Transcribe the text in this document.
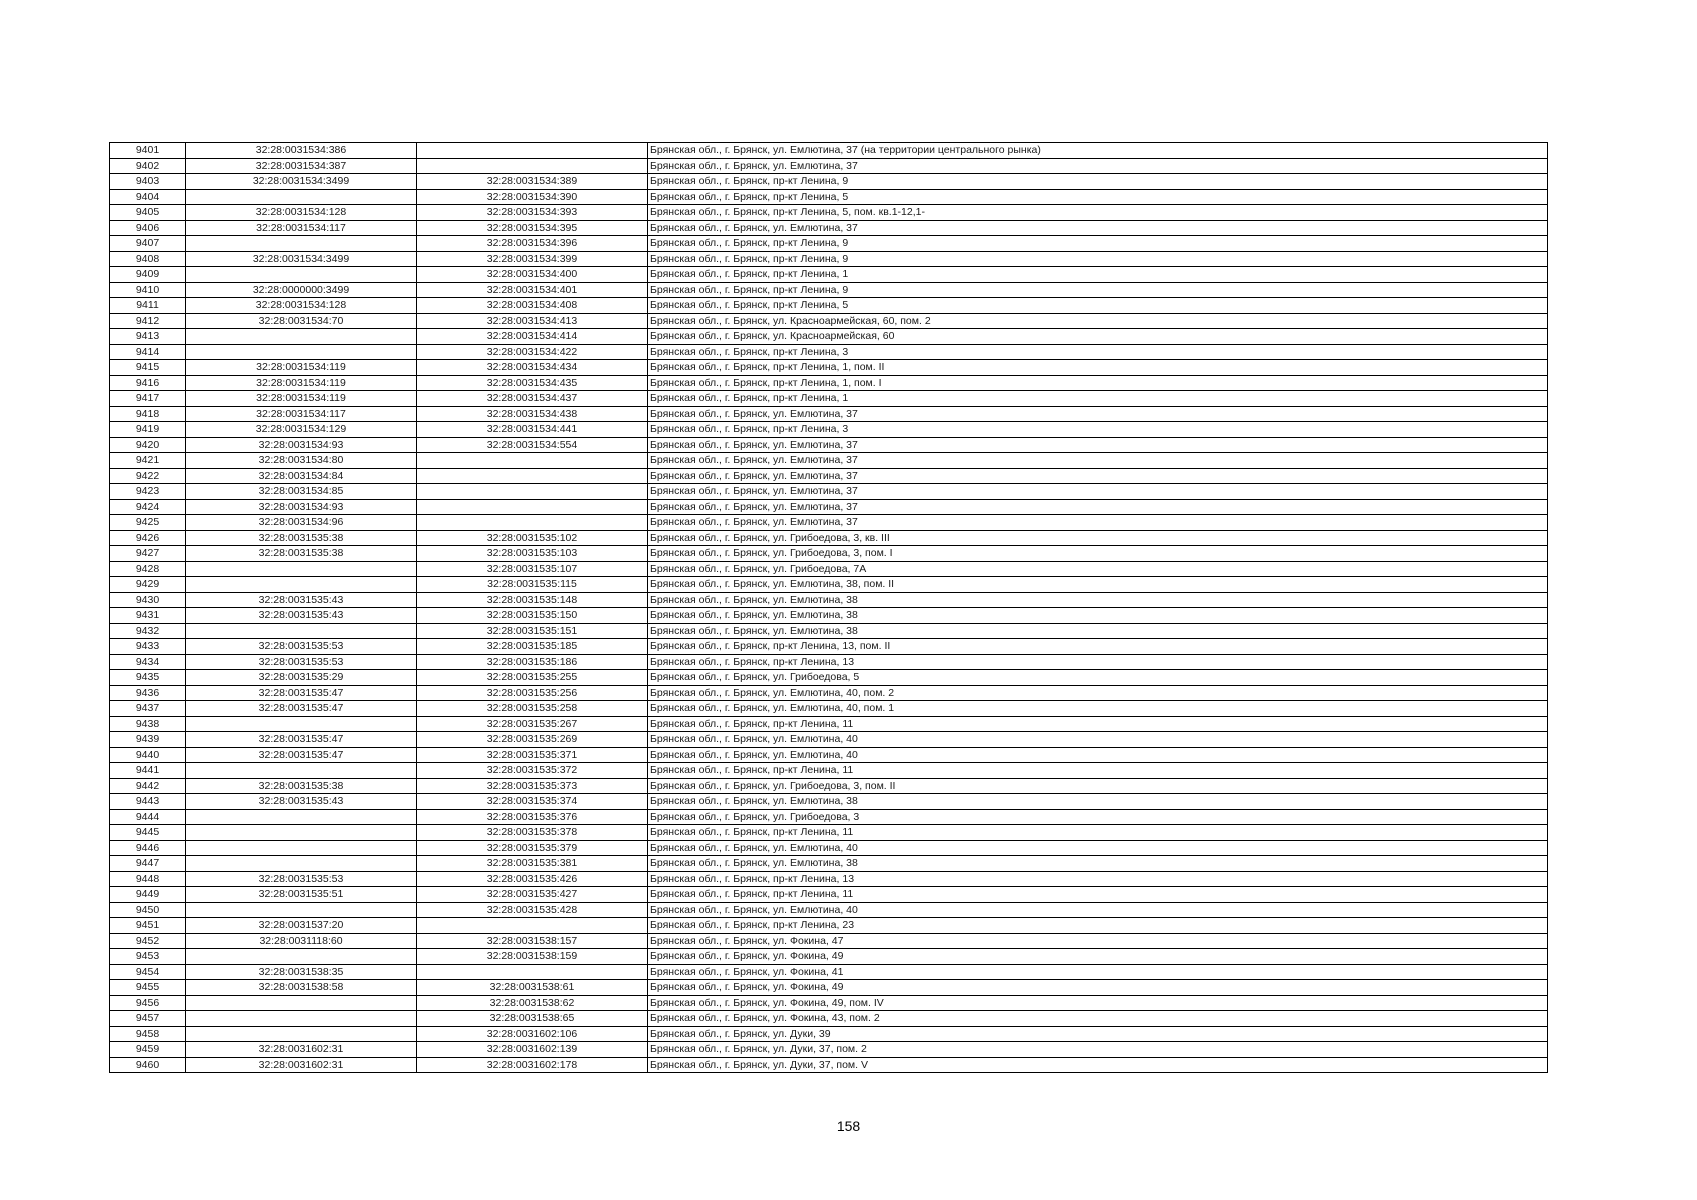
9401	32:28:0031534:386		Брянская обл., г. Брянск, ул. Емлютина, 37 (на территории центрального рынка)
9402	32:28:0031534:387		Брянская обл., г. Брянск, ул. Емлютина, 37
9403	32:28:0031534:3499	32:28:0031534:389	Брянская обл., г. Брянск, пр-кт Ленина, 9
9404		32:28:0031534:390	Брянская обл., г. Брянск, пр-кт Ленина, 5
9405	32:28:0031534:128	32:28:0031534:393	Брянская обл., г. Брянск, пр-кт Ленина, 5, пом. кв.1-12,1-
9406	32:28:0031534:117	32:28:0031534:395	Брянская обл., г. Брянск, ул. Емлютина, 37
9407		32:28:0031534:396	Брянская обл., г. Брянск, пр-кт Ленина, 9
9408	32:28:0031534:3499	32:28:0031534:399	Брянская обл., г. Брянск, пр-кт Ленина, 9
9409		32:28:0031534:400	Брянская обл., г. Брянск, пр-кт Ленина, 1
9410	32:28:0000000:3499	32:28:0031534:401	Брянская обл., г. Брянск, пр-кт Ленина, 9
9411	32:28:0031534:128	32:28:0031534:408	Брянская обл., г. Брянск, пр-кт Ленина, 5
9412	32:28:0031534:70	32:28:0031534:413	Брянская обл., г. Брянск, ул. Красноармейская, 60, пом. 2
9413		32:28:0031534:414	Брянская обл., г. Брянск, ул. Красноармейская, 60
9414		32:28:0031534:422	Брянская обл., г. Брянск, пр-кт Ленина, 3
9415	32:28:0031534:119	32:28:0031534:434	Брянская обл., г. Брянск, пр-кт Ленина, 1, пом. II
9416	32:28:0031534:119	32:28:0031534:435	Брянская обл., г. Брянск, пр-кт Ленина, 1, пом. I
9417	32:28:0031534:119	32:28:0031534:437	Брянская обл., г. Брянск, пр-кт Ленина, 1
9418	32:28:0031534:117	32:28:0031534:438	Брянская обл., г. Брянск, ул. Емлютина, 37
9419	32:28:0031534:129	32:28:0031534:441	Брянская обл., г. Брянск, пр-кт Ленина, 3
9420	32:28:0031534:93	32:28:0031534:554	Брянская обл., г. Брянск, ул. Емлютина, 37
9421	32:28:0031534:80		Брянская обл., г. Брянск, ул. Емлютина, 37
9422	32:28:0031534:84		Брянская обл., г. Брянск, ул. Емлютина, 37
9423	32:28:0031534:85		Брянская обл., г. Брянск, ул. Емлютина, 37
9424	32:28:0031534:93		Брянская обл., г. Брянск, ул. Емлютина, 37
9425	32:28:0031534:96		Брянская обл., г. Брянск, ул. Емлютина, 37
9426	32:28:0031535:38	32:28:0031535:102	Брянская обл., г. Брянск, ул. Грибоедова, 3, кв. III
9427	32:28:0031535:38	32:28:0031535:103	Брянская обл., г. Брянск, ул. Грибоедова, 3, пом. I
9428		32:28:0031535:107	Брянская обл., г. Брянск, ул. Грибоедова, 7А
9429		32:28:0031535:115	Брянская обл., г. Брянск, ул. Емлютина, 38, пом. II
9430	32:28:0031535:43	32:28:0031535:148	Брянская обл., г. Брянск, ул. Емлютина, 38
9431	32:28:0031535:43	32:28:0031535:150	Брянская обл., г. Брянск, ул. Емлютина, 38
9432		32:28:0031535:151	Брянская обл., г. Брянск, ул. Емлютина, 38
9433	32:28:0031535:53	32:28:0031535:185	Брянская обл., г. Брянск, пр-кт Ленина, 13, пом. II
9434	32:28:0031535:53	32:28:0031535:186	Брянская обл., г. Брянск, пр-кт Ленина, 13
9435	32:28:0031535:29	32:28:0031535:255	Брянская обл., г. Брянск, ул. Грибоедова, 5
9436	32:28:0031535:47	32:28:0031535:256	Брянская обл., г. Брянск, ул. Емлютина, 40, пом. 2
9437	32:28:0031535:47	32:28:0031535:258	Брянская обл., г. Брянск, ул. Емлютина, 40, пом. 1
9438		32:28:0031535:267	Брянская обл., г. Брянск, пр-кт Ленина, 11
9439	32:28:0031535:47	32:28:0031535:269	Брянская обл., г. Брянск, ул. Емлютина, 40
9440	32:28:0031535:47	32:28:0031535:371	Брянская обл., г. Брянск, ул. Емлютина, 40
9441		32:28:0031535:372	Брянская обл., г. Брянск, пр-кт Ленина, 11
9442	32:28:0031535:38	32:28:0031535:373	Брянская обл., г. Брянск, ул. Грибоедова, 3, пом. II
9443	32:28:0031535:43	32:28:0031535:374	Брянская обл., г. Брянск, ул. Емлютина, 38
9444		32:28:0031535:376	Брянская обл., г. Брянск, ул. Грибоедова, 3
9445		32:28:0031535:378	Брянская обл., г. Брянск, пр-кт Ленина, 11
9446		32:28:0031535:379	Брянская обл., г. Брянск, ул. Емлютина, 40
9447		32:28:0031535:381	Брянская обл., г. Брянск, ул. Емлютина, 38
9448	32:28:0031535:53	32:28:0031535:426	Брянская обл., г. Брянск, пр-кт Ленина, 13
9449	32:28:0031535:51	32:28:0031535:427	Брянская обл., г. Брянск, пр-кт Ленина, 11
9450		32:28:0031535:428	Брянская обл., г. Брянск, ул. Емлютина, 40
9451	32:28:0031537:20		Брянская обл., г. Брянск, пр-кт Ленина, 23
9452	32:28:0031118:60	32:28:0031538:157	Брянская обл., г. Брянск, ул. Фокина, 47
9453		32:28:0031538:159	Брянская обл., г. Брянск, ул. Фокина, 49
9454	32:28:0031538:35		Брянская обл., г. Брянск, ул. Фокина, 41
9455	32:28:0031538:58	32:28:0031538:61	Брянская обл., г. Брянск, ул. Фокина, 49
9456		32:28:0031538:62	Брянская обл., г. Брянск, ул. Фокина, 49, пом. IV
9457		32:28:0031538:65	Брянская обл., г. Брянск, ул. Фокина, 43, пом. 2
9458		32:28:0031602:106	Брянская обл., г. Брянск, ул. Дуки, 39
9459	32:28:0031602:31	32:28:0031602:139	Брянская обл., г. Брянск, ул. Дуки, 37, пом. 2
9460	32:28:0031602:31	32:28:0031602:178	Брянская обл., г. Брянск, ул. Дуки, 37, пом. V
158
